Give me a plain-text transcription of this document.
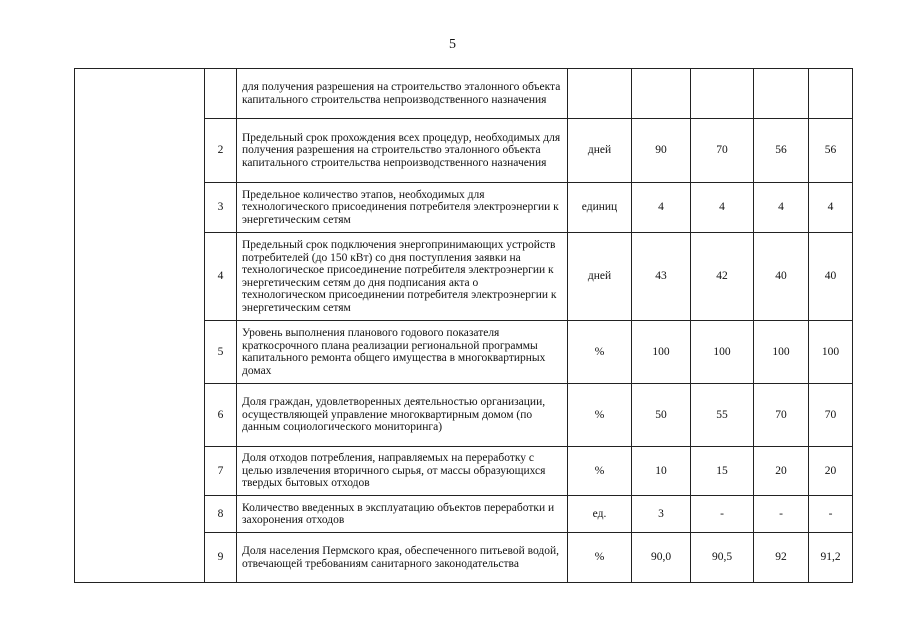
5
		для получения разрешения на строительство эталонного объекта капитального строительства непроизводственного назначения					
	2	Предельный срок прохождения всех процедур, необходимых для получения разрешения на строительство эталонного объекта капитального строительства непроизводственного назначения	дней	90	70	56	56
	3	Предельное количество этапов, необходимых для технологического присоединения потребителя электроэнергии к энергетическим сетям	единиц	4	4	4	4
	4	Предельный срок подключения энергопринимающих устройств потребителей (до 150 кВт) со дня поступления заявки на технологическое присоединение потребителя электроэнергии к энергетическим сетям до дня подписания акта о технологическом присоединении потребителя электроэнергии к энергетическим сетям	дней	43	42	40	40
	5	Уровень выполнения планового годового показателя краткосрочного плана реализации региональной программы капитального ремонта общего имущества в многоквартирных домах	%	100	100	100	100
	6	Доля граждан, удовлетворенных деятельностью организации, осуществляющей управление многоквартирным домом (по данным социологического мониторинга)	%	50	55	70	70
	7	Доля отходов потребления, направляемых на переработку с целью извлечения вторичного сырья, от массы образующихся твердых бытовых отходов	%	10	15	20	20
	8	Количество введенных в эксплуатацию объектов переработки и захоронения отходов	ед.	3	-	-	-
	9	Доля населения Пермского края, обеспеченного питьевой водой, отвечающей требованиям санитарного законодательства	%	90,0	90,5	92	91,2
